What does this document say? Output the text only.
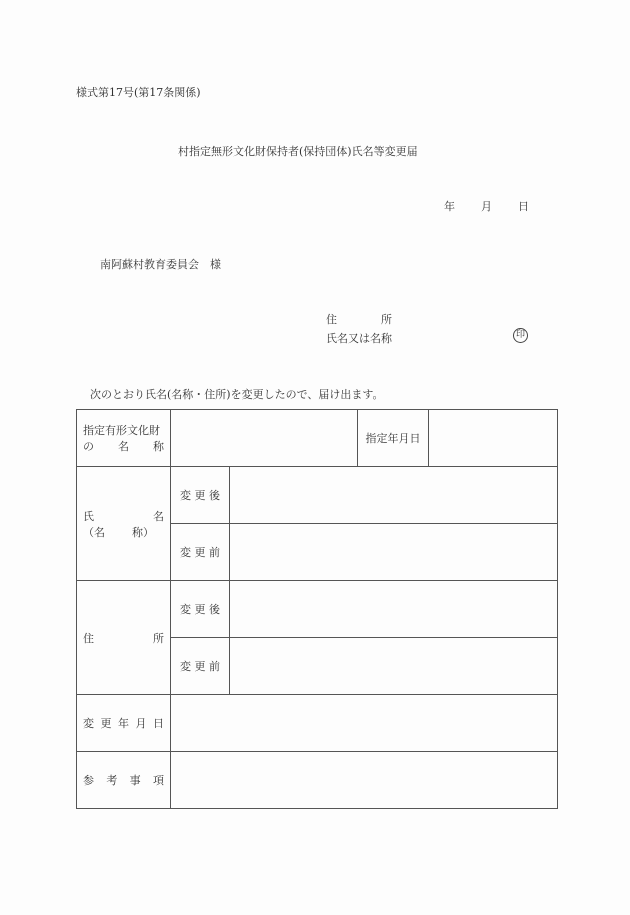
様式第17号(第17条関係)
村指定無形文化財保持者(保持団体)氏名等変更届
年 月 日
南阿蘇村教育委員会　様
住　　　　所
氏名又は名称	印
次のとおり氏名(名称・住所)を変更したので、届け出ます。
指定有形文化財
の 名 称			指定年月日	

氏 名
（名 称）	変 更 後			
	変 更 前			

住 所	変 更 後			
	変 更 前			

変 更 年 月 日				

参 考 事 項				
